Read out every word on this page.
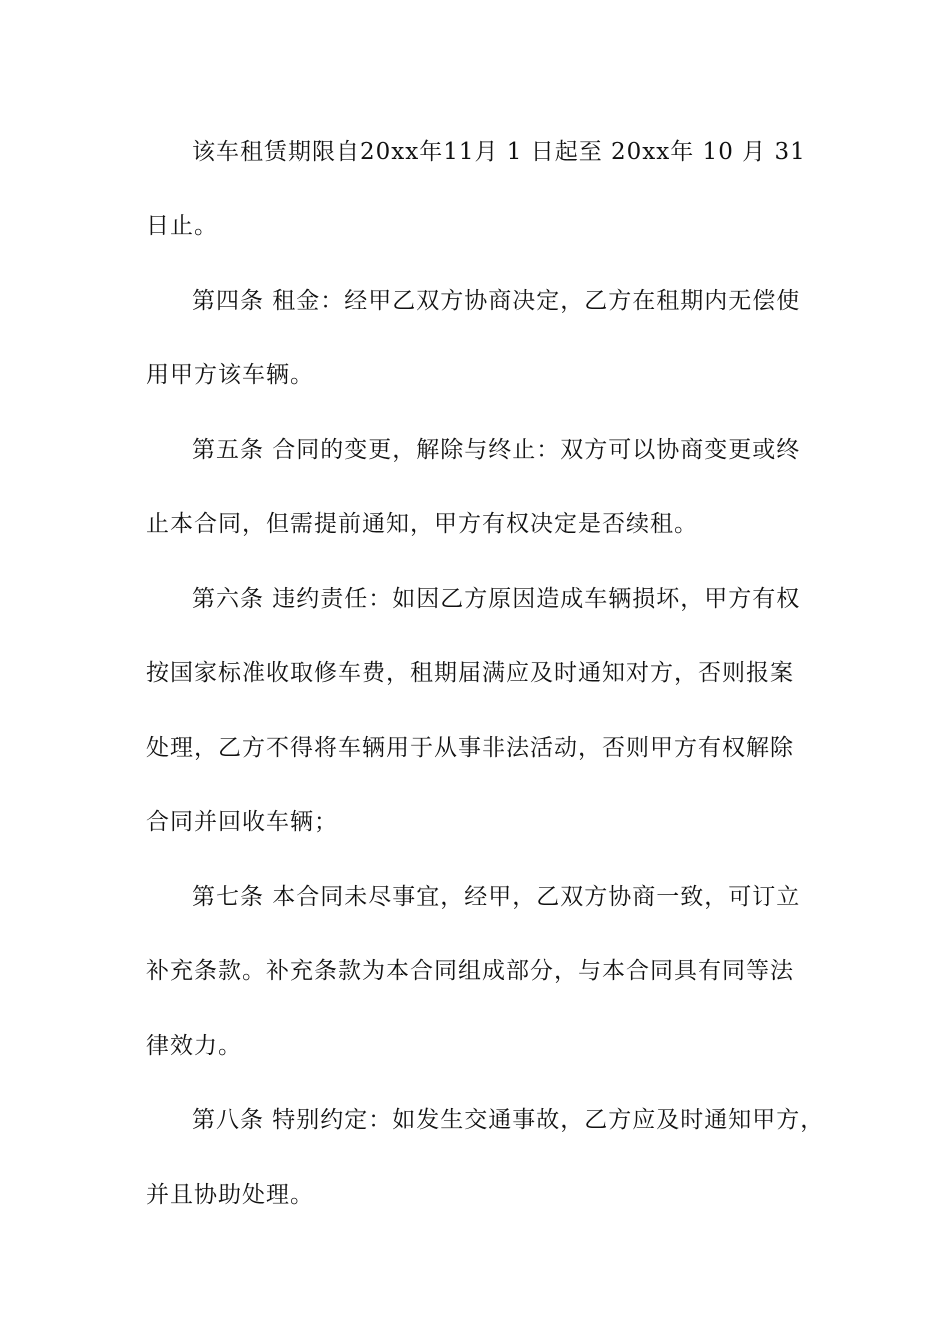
该车租赁期限自20xx年11月 1 日起至 20xx年 10 月 31
日止。
第四条 租金：经甲乙双方协商决定，乙方在租期内无偿使
用甲方该车辆。
第五条 合同的变更，解除与终止：双方可以协商变更或终
止本合同，但需提前通知，甲方有权决定是否续租。
第六条 违约责任：如因乙方原因造成车辆损坏，甲方有权
按国家标准收取修车费，租期届满应及时通知对方，否则报案
处理，乙方不得将车辆用于从事非法活动，否则甲方有权解除
合同并回收车辆；
第七条 本合同未尽事宜，经甲，乙双方协商一致，可订立
补充条款。补充条款为本合同组成部分，与本合同具有同等法
律效力。
第八条 特别约定：如发生交通事故，乙方应及时通知甲方，
并且协助处理。
